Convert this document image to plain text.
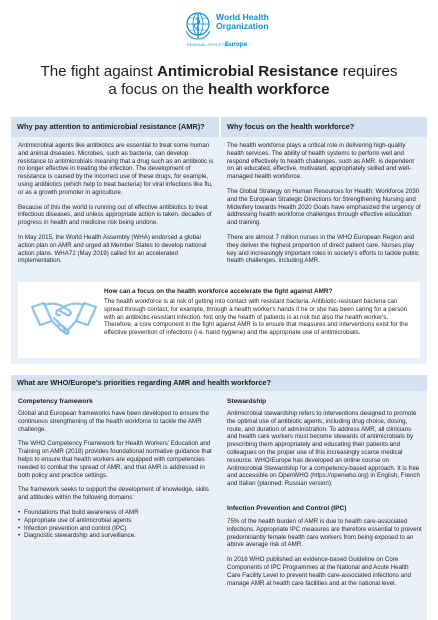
World Health
Organization
REGIONAL OFFICE FOR
Europe
The fight against Antimicrobial Resistance requires
a focus on the health workforce
Why pay attention to antimicrobial resistance (AMR)?	Why focus on the health workforce?

Antimicrobial agents like antibiotics are essential to treat some human and animal diseases. Microbes, such as bacteria, can develop resistance to antimicrobials meaning that a drug such as an antibiotic is no longer effective in treating the infection. The development of resistance is caused by the incorrect use of these drugs, for example, using antibiotics (which help to treat bacteria) for viral infections like flu, or as a growth promoter in agriculture.

Because of this the world is running out of effective antibiotics to treat infectious diseases, and unless appropriate action is taken, decades of progress in health and medicine risk being undone.

In May 2015, the World Health Assembly (WHA) endorsed a global action plan on AMR and urged all Member States to develop national action plans. WHA72 (May 2019) called for an accelerated implementation.

The health workforce plays a critical role in delivering high-quality health services. The ability of health systems to perform well and respond effectively to health challenges, such as AMR, is dependent on an educated, effective, motivated, appropriately skilled and well-managed health workforce.

The Global Strategy on Human Resources for Health: Workforce 2030 and the European Strategic Directions for Strengthening Nursing and Midwifery towards Health 2020 Goals have emphasized the urgency of addressing health workforce challenges through effective education and training.

There are almost 7 million nurses in the WHO European Region and they deliver the highest proportion of direct patient care. Nurses play key and increasingly important roles in society's efforts to tackle public health challenges, including AMR.

How can a focus on the health workforce accelerate the fight against AMR?
The health workforce is at risk of getting into contact with resistant bacteria. Antibiotic-resistant bacteria can spread through contact, for example, through a health worker's hands if he or she has been caring for a person with an antibiotic-resistant infection. Not only the health of patients is at risk but also the health worker's. Therefore, a core component in the fight against AMR is to ensure that measures and interventions exist for the effective prevention of infections (i.e. hand hygiene) and the appropriate use of antimicrobials.
What are WHO/Europe's priorities regarding AMR and health workforce?
Competency framework

Global and European frameworks have been developed to ensure the continuous strengthening of the health workforce to tackle the AMR challenge.

The WHO Competency Framework for Health Workers' Education and Training on AMR (2018) provides foundational normative guidance that helps to ensure that health workers are equipped with competencies needed to combat the spread of AMR, and that AMR is addressed in both policy and practice settings.

The framework seeks to support the development of knowledge, skills and attitudes within the following domains:

• Foundations that build awareness of AMR
• Appropriate use of antimicrobial agents
• Infection prevention and control (IPC)
• Diagnostic stewardship and surveillance.
Stewardship
Antimicrobial stewardship refers to interventions designed to promote the optimal use of antibiotic agents, including drug choice, dosing, route, and duration of administration. To address AMR, all clinicians and health care workers must become stewards of antimicrobials by prescribing them appropriately and educating their patients and colleagues on the proper use of this increasingly scarce medical resource. WHO/Europe has developed an online course on Antimicrobial Stewardship for a competency-based approach. It is free and accessible on OpenWHO (https://openwho.org) in English, French and Italian (planned: Russian version).
Infection Prevention and Control (IPC)

75% of the health burden of AMR is due to health care-associated infections. Appropriate IPC measures are therefore essential to prevent predominantly female health care workers from being exposed to an above average risk of AMR.

In 2016 WHO published an evidence-based Guideline on Core Components of IPC Programmes at the National and Acute Health Care Facility Level to prevent health care-associated infections and manage AMR at health care facilities and at the national level.
